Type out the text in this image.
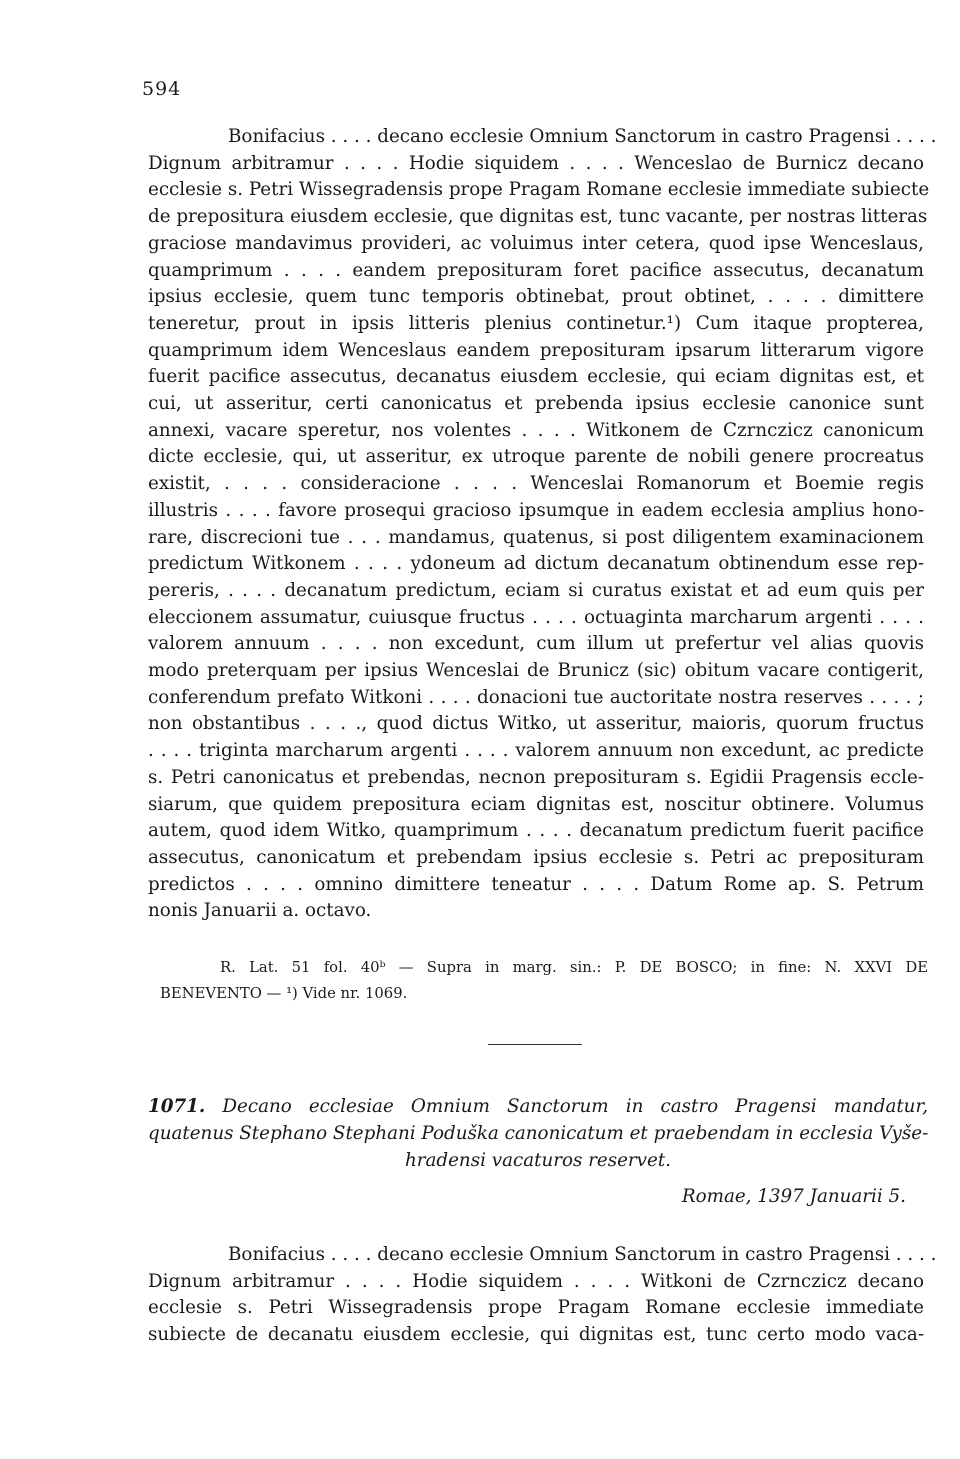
594
Bonifacius . . . . decano ecclesie Omnium Sanctorum in castro Pragensi . . . .
Dignum arbitramur . . . . Hodie siquidem . . . . Wenceslao de Burnicz decano
ecclesie s. Petri Wissegradensis prope Pragam Romane ecclesie immediate subiecte
de prepositura eiusdem ecclesie, que dignitas est, tunc vacante, per nostras litteras
graciose mandavimus provideri, ac voluimus inter cetera, quod ipse Wenceslaus,
quamprimum . . . . eandem preposituram foret pacifice assecutus, decanatum
ipsius ecclesie, quem tunc temporis obtinebat, prout obtinet, . . . . dimittere
teneretur, prout in ipsis litteris plenius continetur.¹) Cum itaque propterea,
quamprimum idem Wenceslaus eandem preposituram ipsarum litterarum vigore
fuerit pacifice assecutus, decanatus eiusdem ecclesie, qui eciam dignitas est, et
cui, ut asseritur, certi canonicatus et prebenda ipsius ecclesie canonice sunt
annexi, vacare speretur, nos volentes . . . . Witkonem de Czrnczicz canonicum
dicte ecclesie, qui, ut asseritur, ex utroque parente de nobili genere procreatus
existit, . . . . consideracione . . . . Wenceslai Romanorum et Boemie regis
illustris . . . . favore prosequi gracioso ipsumque in eadem ecclesia amplius hono-
rare, discrecioni tue . . . mandamus, quatenus, si post diligentem examinacionem
predictum Witkonem . . . . ydoneum ad dictum decanatum obtinendum esse rep-
pereris, . . . . decanatum predictum, eciam si curatus existat et ad eum quis per
eleccionem assumatur, cuiusque fructus . . . . octuaginta marcharum argenti . . . .
valorem annuum . . . . non excedunt, cum illum ut prefertur vel alias quovis
modo preterquam per ipsius Wenceslai de Brunicz (sic) obitum vacare contigerit,
conferendum prefato Witkoni . . . . donacioni tue auctoritate nostra reserves . . . . ;
non obstantibus . . . ., quod dictus Witko, ut asseritur, maioris, quorum fructus
. . . . triginta marcharum argenti . . . . valorem annuum non excedunt, ac predicte
s. Petri canonicatus et prebendas, necnon preposituram s. Egidii Pragensis eccle-
siarum, que quidem prepositura eciam dignitas est, noscitur obtinere. Volumus
autem, quod idem Witko, quamprimum . . . . decanatum predictum fuerit pacifice
assecutus, canonicatum et prebendam ipsius ecclesie s. Petri ac preposituram
predictos . . . . omnino dimittere teneatur . . . . Datum Rome ap. S. Petrum
nonis Januarii a. octavo.
R. Lat. 51 fol. 40ᵇ — Supra in marg. sin.: P. DE BOSCO; in fine: N. XXVI DE
BENEVENTO — ¹) Vide nr. 1069.
1071. Decano ecclesiae Omnium Sanctorum in castro Pragensi mandatur,
quatenus Stephano Stephani Poduška canonicatum et praebendam in ecclesia Vyše-
hradensi vacaturos reservet.
Romae, 1397 Januarii 5.
Bonifacius . . . . decano ecclesie Omnium Sanctorum in castro Pragensi . . . .
Dignum arbitramur . . . . Hodie siquidem . . . . Witkoni de Czrnczicz decano
ecclesie s. Petri Wissegradensis prope Pragam Romane ecclesie immediate
subiecte de decanatu eiusdem ecclesie, qui dignitas est, tunc certo modo vaca-
